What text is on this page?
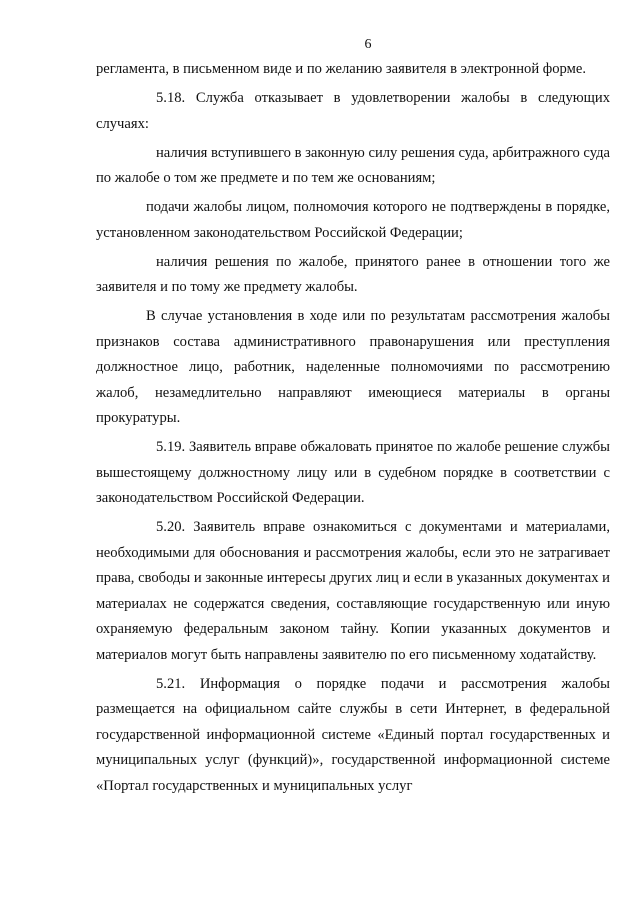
6

регламента, в письменном виде и по желанию заявителя в электронной форме.

5.18. Служба отказывает в удовлетворении жалобы в следующих случаях:

наличия вступившего в законную силу решения суда, арбитражного суда по жалобе о том же предмете и по тем же основаниям;

подачи жалобы лицом, полномочия которого не подтверждены в порядке, установленном законодательством Российской Федерации;

наличия решения по жалобе, принятого ранее в отношении того же заявителя и по тому же предмету жалобы.

В случае установления в ходе или по результатам рассмотрения жалобы признаков состава административного правонарушения или преступления должностное лицо, работник, наделенные полномочиями по рассмотрению жалоб, незамедлительно направляют имеющиеся материалы в органы прокуратуры.

5.19. Заявитель вправе обжаловать принятое по жалобе решение службы вышестоящему должностному лицу или в судебном порядке в соответствии с законодательством Российской Федерации.

5.20. Заявитель вправе ознакомиться с документами и материалами, необходимыми для обоснования и рассмотрения жалобы, если это не затрагивает права, свободы и законные интересы других лиц и если в указанных документах и материалах не содержатся сведения, составляющие государственную или иную охраняемую федеральным законом тайну. Копии указанных документов и материалов могут быть направлены заявителю по его письменному ходатайству.

5.21. Информация о порядке подачи и рассмотрения жалобы размещается на официальном сайте службы в сети Интернет, в федеральной государственной информационной системе «Единый портал государственных и муниципальных услуг (функций)», государственной информационной системе «Портал государственных и муниципальных услуг
